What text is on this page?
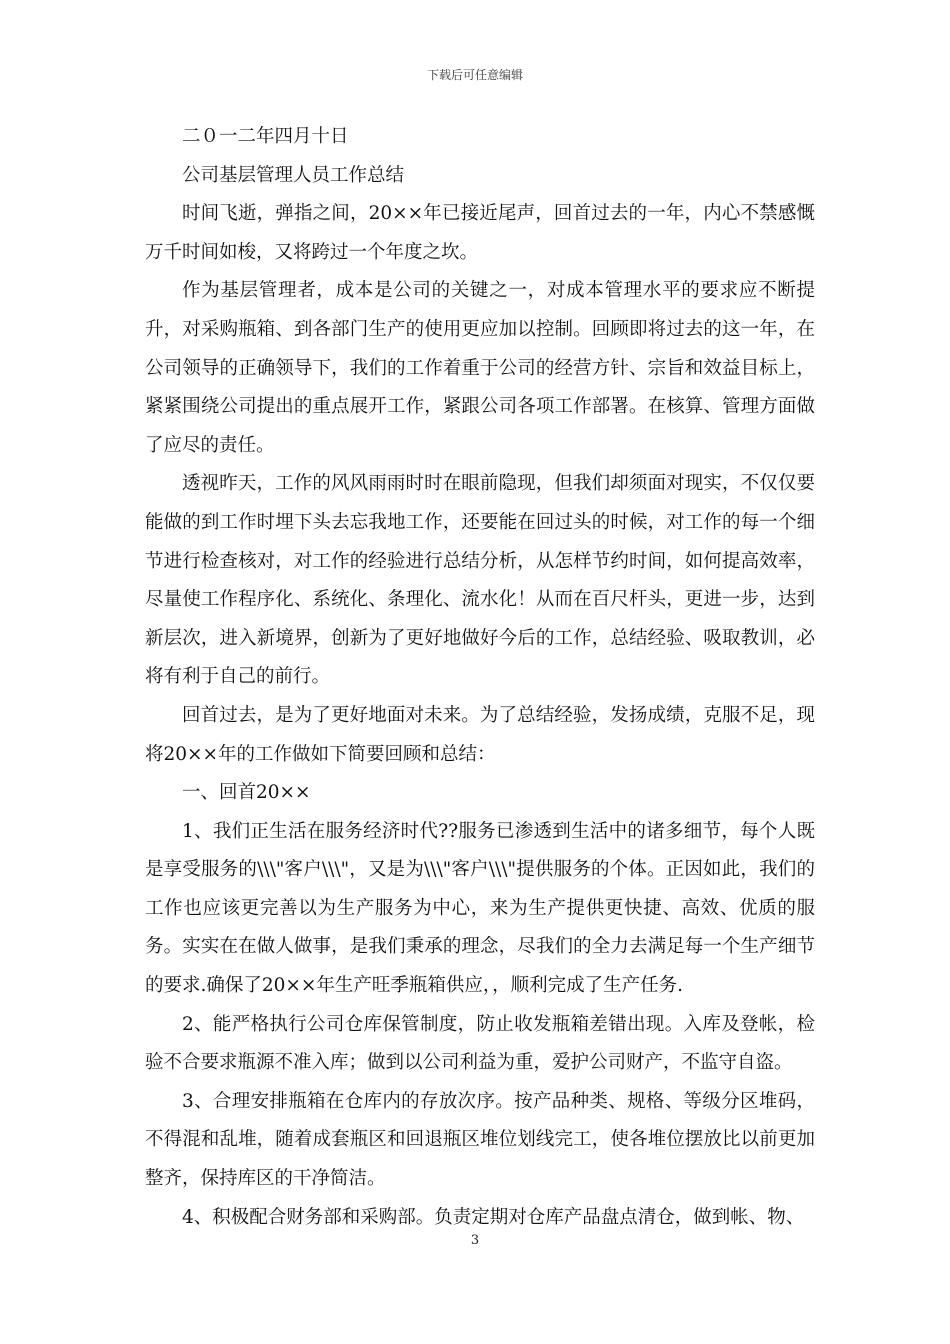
下载后可任意编辑

二０一二年四月十日

公司基层管理人员工作总结

时间飞逝，弹指之间，20××年已接近尾声，回首过去的一年，内心不禁感慨万千时间如梭，又将跨过一个年度之坎。

作为基层管理者，成本是公司的关键之一，对成本管理水平的要求应不断提升，对采购瓶箱、到各部门生产的使用更应加以控制。回顾即将过去的这一年，在公司领导的正确领导下，我们的工作着重于公司的经营方针、宗旨和效益目标上，紧紧围绕公司提出的重点展开工作，紧跟公司各项工作部署。在核算、管理方面做了应尽的责任。

透视昨天，工作的风风雨雨时时在眼前隐现，但我们却须面对现实，不仅仅要能做的到工作时埋下头去忘我地工作，还要能在回过头的时候，对工作的每一个细节进行检查核对，对工作的经验进行总结分析，从怎样节约时间，如何提高效率，尽量使工作程序化、系统化、条理化、流水化！从而在百尺杆头，更进一步，达到新层次，进入新境界，创新为了更好地做好今后的工作，总结经验、吸取教训，必将有利于自己的前行。

回首过去，是为了更好地面对未来。为了总结经验，发扬成绩，克服不足，现将20××年的工作做如下简要回顾和总结：

一、回首20××

1、我们正生活在服务经济时代??服务已渗透到生活中的诸多细节，每个人既是享受服务的\\\"客户\\\"，又是为\\\"客户\\\"提供服务的个体。正因如此，我们的工作也应该更完善以为生产服务为中心，来为生产提供更快捷、高效、优质的服务。实实在在做人做事，是我们秉承的理念，尽我们的全力去满足每一个生产细节的要求.确保了20××年生产旺季瓶箱供应，，顺利完成了生产任务.

2、能严格执行公司仓库保管制度，防止收发瓶箱差错出现。入库及登帐，检验不合要求瓶源不准入库；做到以公司利益为重，爱护公司财产，不监守自盗。

3、合理安排瓶箱在仓库内的存放次序。按产品种类、规格、等级分区堆码，不得混和乱堆，随着成套瓶区和回退瓶区堆位划线完工，使各堆位摆放比以前更加整齐，保持库区的干净简洁。

4、积极配合财务部和采购部。负责定期对仓库产品盘点清仓，做到帐、物、

3
